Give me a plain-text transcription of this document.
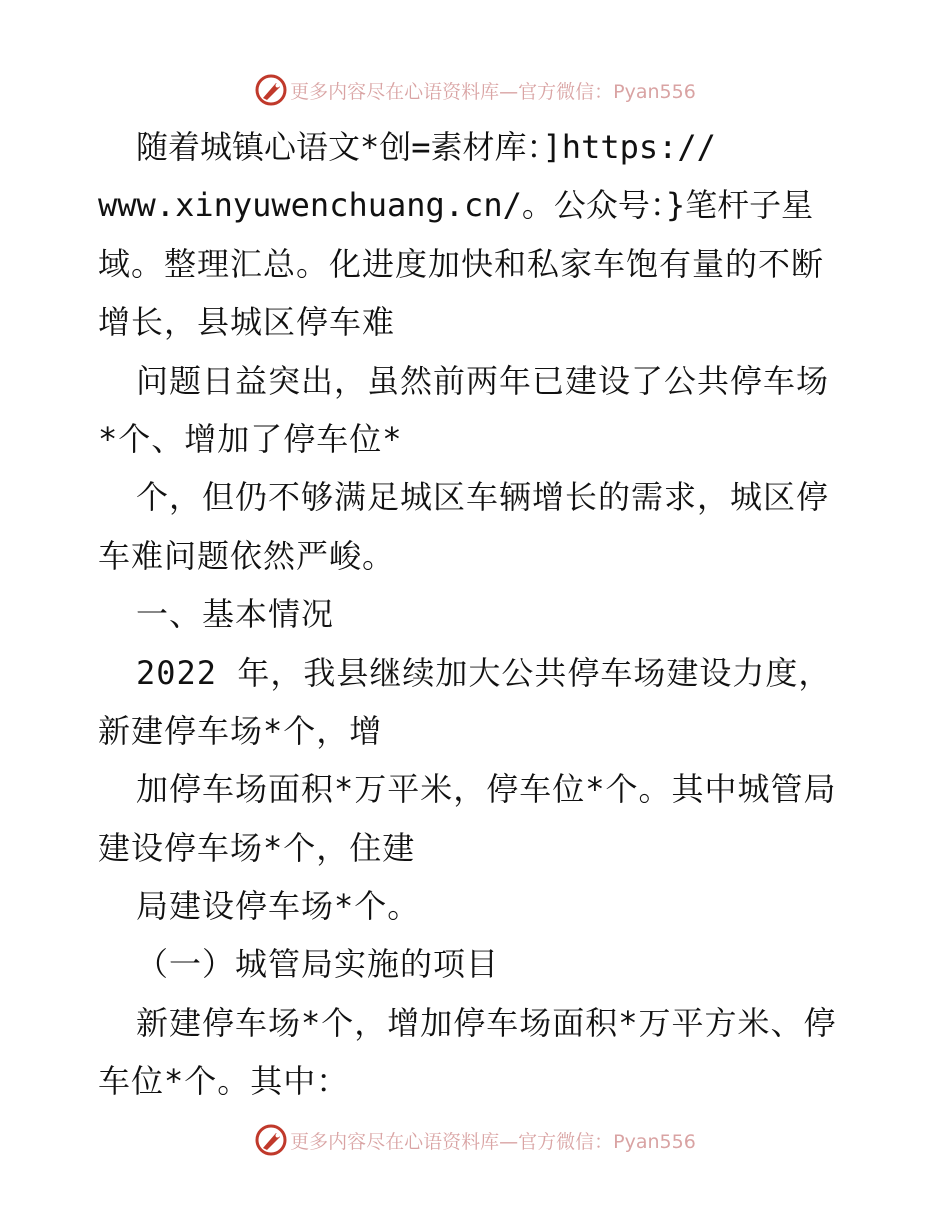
更多内容尽在心语资料库—官方微信：Pyan556
随着城镇心语文*创=素材库：]https://
www.xinyuwenchuang.cn/。公众号：}笔杆子星
域。整理汇总。化进度加快和私家车饱有量的不断
增长，县城区停车难
问题日益突出，虽然前两年已建设了公共停车场
*个、增加了停车位*
个，但仍不够满足城区车辆增长的需求，城区停
车难问题依然严峻。
一、基本情况
2022 年，我县继续加大公共停车场建设力度，
新建停车场*个，增
加停车场面积*万平米，停车位*个。其中城管局
建设停车场*个，住建
局建设停车场*个。
（一）城管局实施的项目
新建停车场*个，增加停车场面积*万平方米、停
车位*个。其中：
更多内容尽在心语资料库—官方微信：Pyan556
